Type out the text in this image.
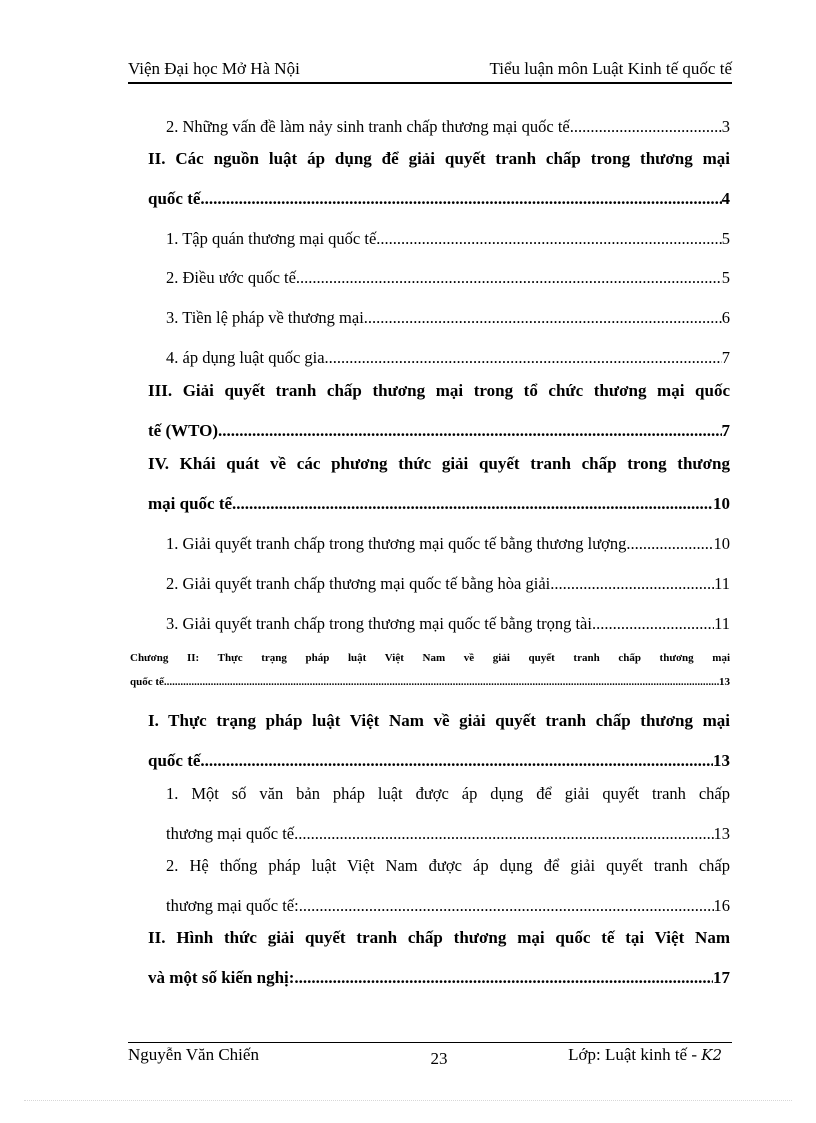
Viện Đại học Mở Hà Nội	Tiểu luận môn Luật Kinh tế quốc tế
2. Những vấn đề làm nảy sinh tranh chấp thương mại quốc tế .....	3
II. Các nguồn luật áp dụng để giải quyết tranh chấp trong thương mại
quốc tế .....	4
1. Tập quán thương mại quốc tế .....	5
2. Điều ước quốc tế .....	5
3. Tiền lệ pháp về thương mại .....	6
4. áp dụng luật quốc gia .....	7
III. Giải quyết tranh chấp thương mại trong tổ chức thương mại quốc
tế (WTO) .....	7
IV. Khái quát về các phương thức giải quyết tranh chấp trong thương
mại quốc tế. .....	10
1. Giải quyết tranh chấp trong thương mại quốc tế bằng thương lượng. .....	10
2. Giải quyết tranh chấp thương mại quốc tế bằng hòa giải. .....	11
3. Giải quyết tranh chấp trong thương mại quốc tế bằng trọng tài. .....	11
Chương II: Thực trạng pháp luật Việt Nam về giải quyết tranh chấp thương mại
quốc tế .....	13
I. Thực trạng pháp luật Việt Nam về giải quyết tranh chấp thương mại
quốc tế .....	13
1. Một số văn bản pháp luật được áp dụng để giải quyết tranh chấp
thương mại quốc tế .....	13
2. Hệ thống pháp luật Việt Nam được áp dụng để giải quyết tranh chấp
thương mại quốc tế: .....	16
II. Hình thức giải quyết tranh chấp thương mại quốc tế tại Việt Nam
và một số kiến nghị: .....	17
Nguyễn Văn Chiến	23	Lớp: Luật kinh tế - K2
